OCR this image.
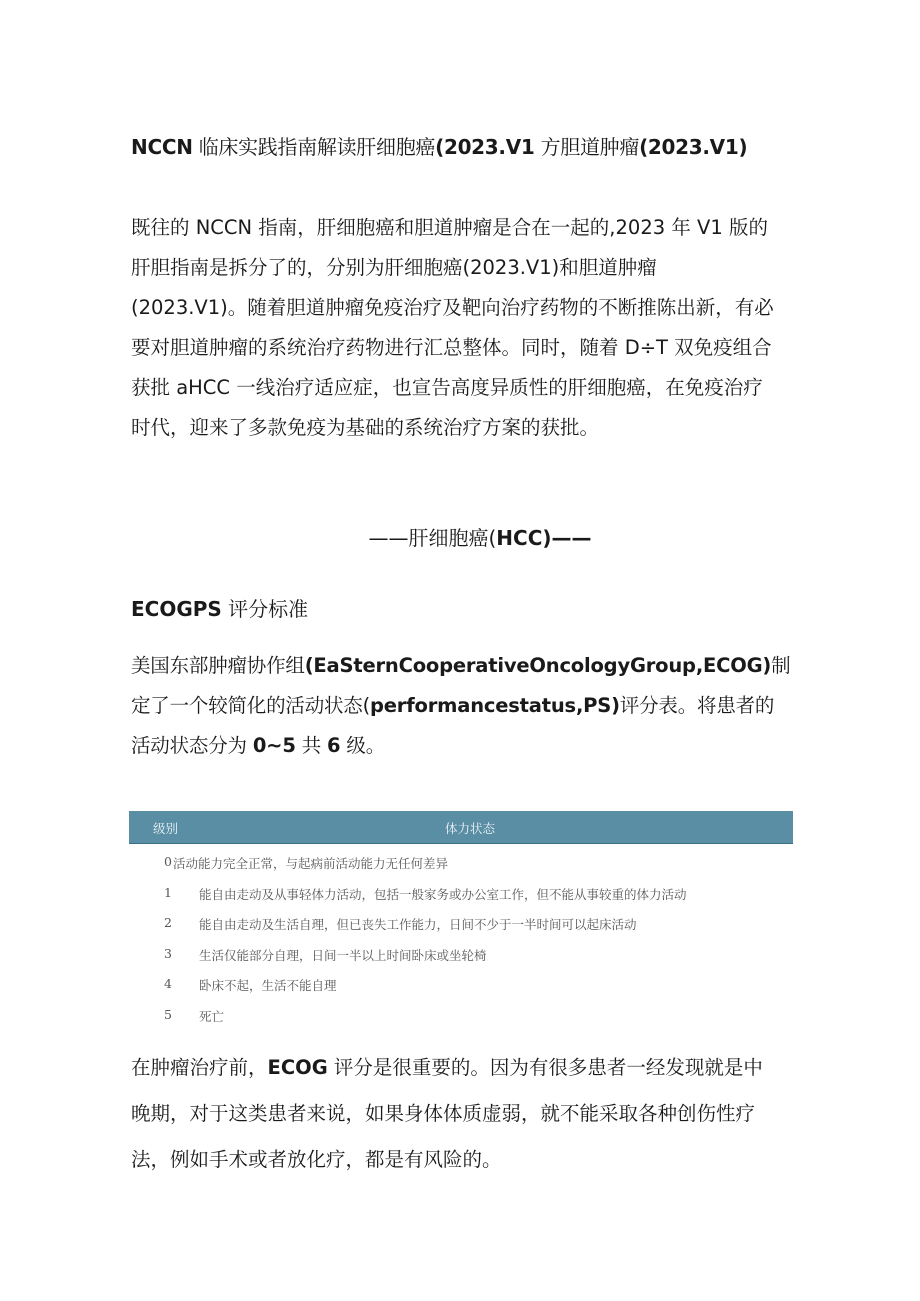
NCCN 临床实践指南解读肝细胞癌(2023.V1 方胆道肿瘤(2023.V1)
既往的 NCCN 指南，肝细胞癌和胆道肿瘤是合在一起的,2023 年 V1 版的
肝胆指南是拆分了的，分别为肝细胞癌(2023.V1)和胆道肿瘤
(2023.V1)。随着胆道肿瘤免疫治疗及靶向治疗药物的不断推陈出新，有必
要对胆道肿瘤的系统治疗药物进行汇总整体。同时，随着 D÷T 双免疫组合
获批 aHCC 一线治疗适应症，也宣告高度异质性的肝细胞癌，在免疫治疗
时代，迎来了多款免疫为基础的系统治疗方案的获批。
——肝细胞癌(HCC)——
ECOGPS 评分标准
美国东部肿瘤协作组(EaSternCooperativeOncologyGroup,ECOG)制
定了一个较简化的活动状态(performancestatus,PS)评分表。将患者的
活动状态分为 0~5 共 6 级。
级别	体力状态
0 活动能力完全正常，与起病前活动能力无任何差异
1 能自由走动及从事轻体力活动，包括一般家务或办公室工作，但不能从事较重的体力活动
2 能自由走动及生活自理，但已丧失工作能力，日间不少于一半时间可以起床活动
3 生活仅能部分自理，日间一半以上时间卧床或坐轮椅
4 卧床不起，生活不能自理
5 死亡
在肿瘤治疗前，ECOG 评分是很重要的。因为有很多患者一经发现就是中
晚期，对于这类患者来说，如果身体体质虚弱，就不能采取各种创伤性疗
法，例如手术或者放化疗，都是有风险的。
